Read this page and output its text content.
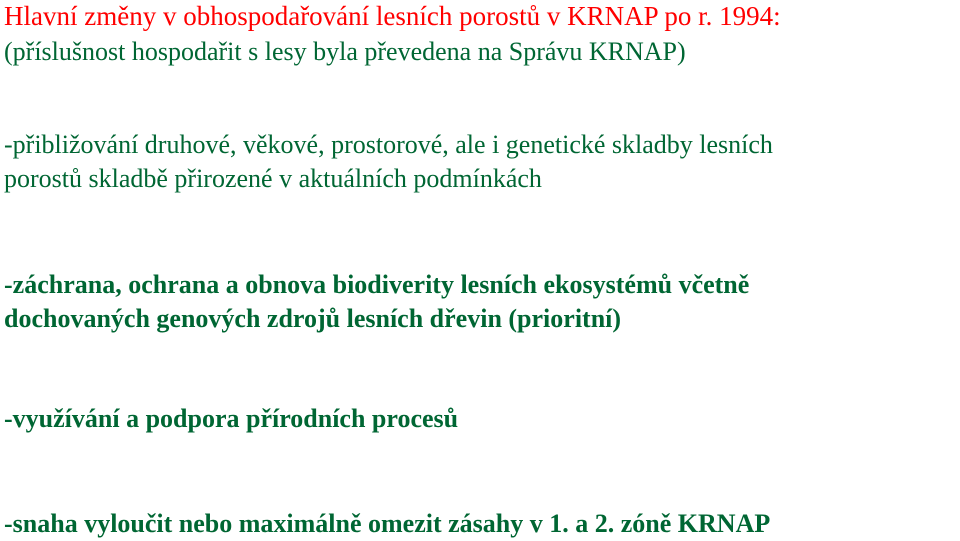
Hlavní změny v obhospodařování lesních porostů v KRNAP po r. 1994:

(příslušnost hospodařit s lesy byla převedena na Správu KRNAP)

-přibližování druhové, věkové, prostorové, ale i genetické skladby lesních
porostů skladbě přirozené v aktuálních podmínkách
-záchrana, ochrana a obnova biodiverity lesních ekosystémů včetně
dochovaných genových zdrojů lesních dřevin (prioritní)
-využívání a podpora přírodních procesů
-snaha vyloučit nebo maximálně omezit zásahy v 1. a 2. zóně KRNAP
